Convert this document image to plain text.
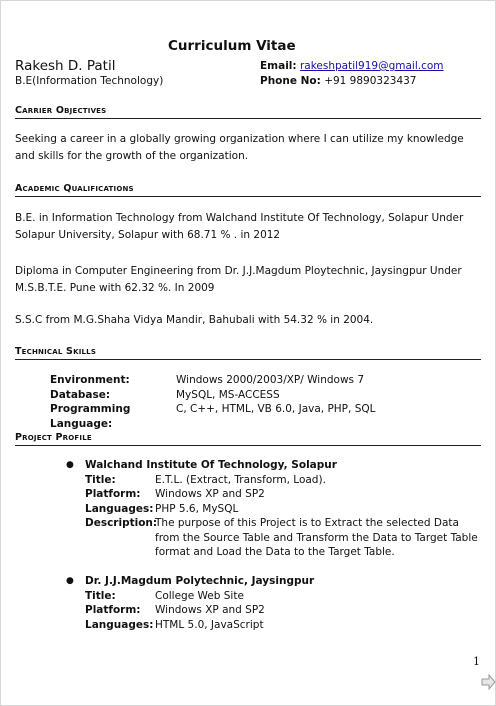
Curriculum Vitae
Rakesh D. Patil
B.E(Information Technology)
Email: rakeshpatil919@gmail.com
Phone No: +91 9890323437
Carrier Objectives
Seeking a career in a globally growing organization where I can utilize my knowledge and skills for the growth of the organization.
Academic Qualifications
B.E. in Information Technology from Walchand Institute Of Technology, Solapur Under Solapur University, Solapur with 68.71 % . in 2012
Diploma in Computer Engineering from Dr. J.J.Magdum Ploytechnic, Jaysingpur Under M.S.B.T.E. Pune with 62.32 %. In 2009
S.S.C from M.G.Shaha Vidya Mandir, Bahubali with 54.32 % in 2004.
Technical Skills
Environment:	Windows 2000/2003/XP/ Windows 7
Database:	MySQL, MS-ACCESS
Programming Language:
C, C++, HTML, VB 6.0, Java, PHP, SQL
Project Profile
●	Walchand Institute Of Technology, Solapur
Title:	E.T.L. (Extract, Transform, Load).
Platform:	Windows XP and SP2
Languages: PHP 5.6, MySQL
Description:
The purpose of this Project is to Extract the selected Data from the Source Table and Transform the Data to Target Table format and Load the Data to the Target Table.
●	Dr. J.J.Magdum Polytechnic, Jaysingpur
Title:	College Web Site
Platform:	Windows XP and SP2
Languages: HTML 5.0, JavaScript
1
